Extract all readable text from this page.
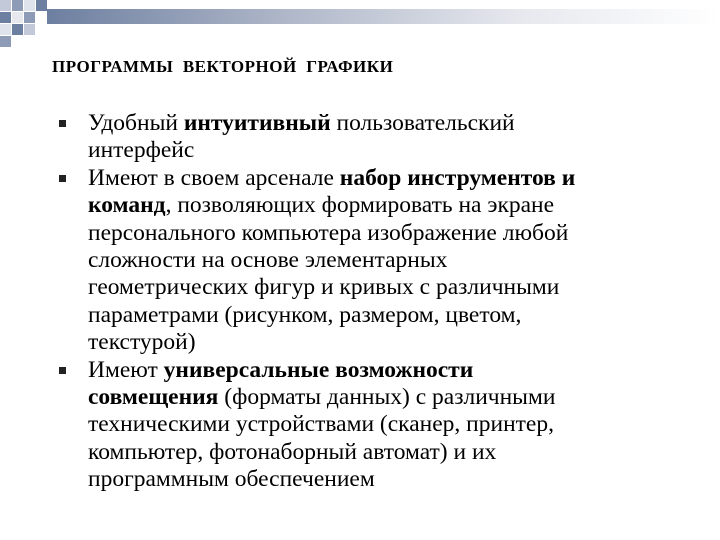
ПРОГРАММЫ  ВЕКТОРНОЙ  ГРАФИКИ
Удобный интуитивный пользовательский
интерфейс
Имеют в своем арсенале набор инструментов и
команд, позволяющих формировать на экране
персонального компьютера изображение любой
сложности на основе элементарных
геометрических фигур и кривых с различными
параметрами (рисунком, размером, цветом,
текстурой)
Имеют универсальные возможности
совмещения (форматы данных) с различными
техническими устройствами (сканер, принтер,
компьютер, фотонаборный автомат) и их
программным обеспечением
